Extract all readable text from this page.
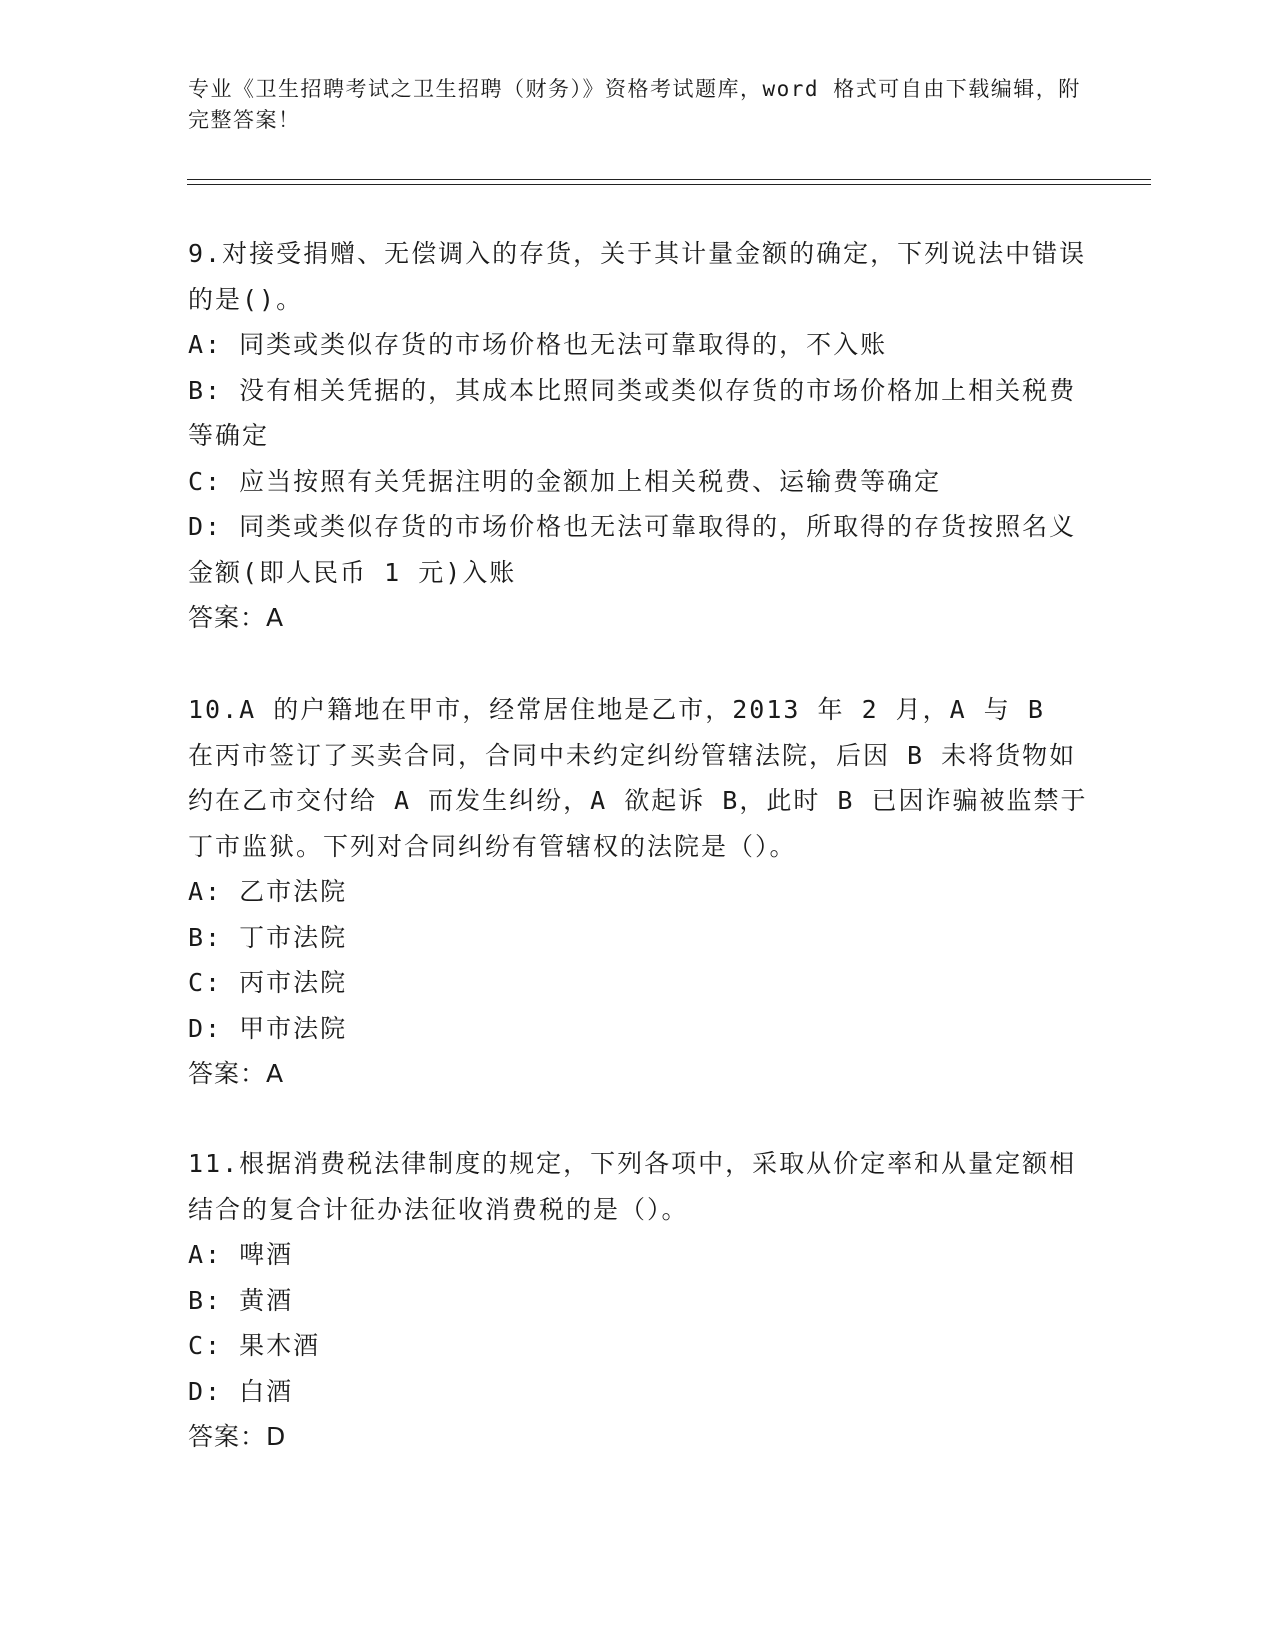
专业《卫生招聘考试之卫生招聘（财务）》资格考试题库，word 格式可自由下载编辑，附完整答案！
9.对接受捐赠、无偿调入的存货，关于其计量金额的确定，下列说法中错误的是()。
A: 同类或类似存货的市场价格也无法可靠取得的，不入账
B: 没有相关凭据的，其成本比照同类或类似存货的市场价格加上相关税费等确定
C: 应当按照有关凭据注明的金额加上相关税费、运输费等确定
D: 同类或类似存货的市场价格也无法可靠取得的，所取得的存货按照名义金额(即人民币 1 元)入账
答案：A
10.A 的户籍地在甲市，经常居住地是乙市，2013 年 2 月，A 与 B 在丙市签订了买卖合同，合同中未约定纠纷管辖法院，后因 B 未将货物如约在乙市交付给 A 而发生纠纷，A 欲起诉 B，此时 B 已因诈骗被监禁于丁市监狱。下列对合同纠纷有管辖权的法院是（）。
A: 乙市法院
B: 丁市法院
C: 丙市法院
D: 甲市法院
答案：A
11.根据消费税法律制度的规定，下列各项中，采取从价定率和从量定额相结合的复合计征办法征收消费税的是（）。
A: 啤酒
B: 黄酒
C: 果木酒
D: 白酒
答案：D
